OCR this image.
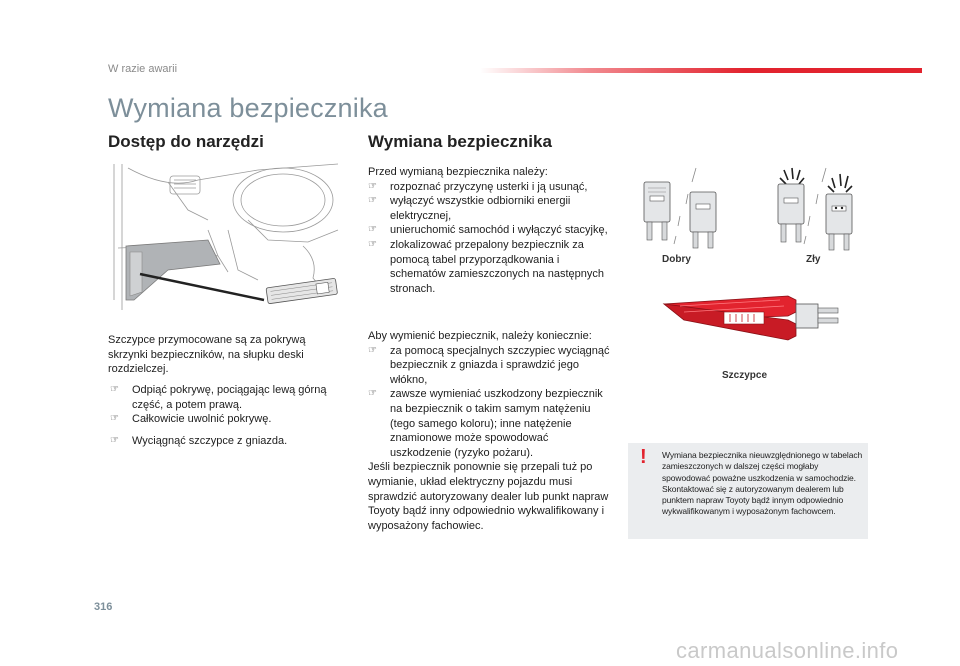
W razie awarii
Wymiana bezpiecznika
Dostęp do narzędzi
Szczypce przymocowane są za pokrywą skrzynki bezpieczników, na słupku deski rozdzielczej.
☞ Odpiąć pokrywę, pociągając lewą górną część, a potem prawą.
☞ Całkowicie uwolnić pokrywę.
☞ Wyciągnąć szczypce z gniazda.
Wymiana bezpiecznika
Przed wymianą bezpiecznika należy:
☞ rozpoznać przyczynę usterki i ją usunąć,
☞ wyłączyć wszystkie odbiorniki energii elektrycznej,
☞ unieruchomić samochód i wyłączyć stacyjkę,
☞ zlokalizować przepalony bezpiecznik za pomocą tabel przyporządkowania i schematów zamieszczonych na następnych stronach.
Aby wymienić bezpiecznik, należy koniecznie:
☞ za pomocą specjalnych szczypiec wyciągnąć bezpiecznik z gniazda i sprawdzić jego włókno,
☞ zawsze wymieniać uszkodzony bezpiecznik na bezpiecznik o takim samym natężeniu (tego samego koloru); inne natężenie znamionowe może spowodować uszkodzenie (ryzyko pożaru).
Jeśli bezpiecznik ponownie się przepali tuż po wymianie, układ elektryczny pojazdu musi sprawdzić autoryzowany dealer lub punkt napraw Toyoty bądź inny odpowiednio wykwalifikowany i wyposażony fachowiec.
Dobry	Zły
Szczypce
! Wymiana bezpiecznika nieuwzględnionego w tabelach zamieszczonych w dalszej części mogłaby spowodować poważne uszkodzenia w samochodzie. Skontaktować się z autoryzowanym dealerem lub punktem napraw Toyoty bądź innym odpowiednio wykwalifikowanym i wyposażonym fachowcem.
316
carmanualsonline.info
